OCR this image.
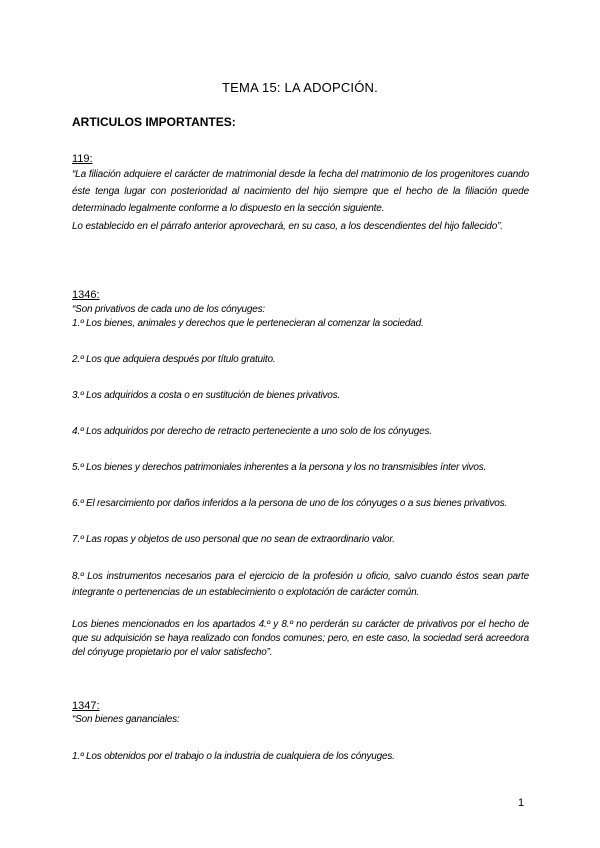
TEMA 15: LA ADOPCIÓN.
ARTICULOS IMPORTANTES:
119:

“La filiación adquiere el carácter de matrimonial desde la fecha del matrimonio de los progenitores cuando éste tenga lugar con posterioridad al nacimiento del hijo siempre que el hecho de la filiación quede determinado legalmente conforme a lo dispuesto en la sección siguiente.

Lo establecido en el párrafo anterior aprovechará, en su caso, a los descendientes del hijo fallecido”.

1346:

“Son privativos de cada uno de los cónyuges:

1.º Los bienes, animales y derechos que le pertenecieran al comenzar la sociedad.

2.º Los que adquiera después por título gratuito.
3.º Los adquiridos a costa o en sustitución de bienes privativos.
4.º Los adquiridos por derecho de retracto perteneciente a uno solo de los cónyuges.
5.º Los bienes y derechos patrimoniales inherentes a la persona y los no transmisibles ínter vivos.
6.º El resarcimiento por daños inferidos a la persona de uno de los cónyuges o a sus bienes privativos.
7.º Las ropas y objetos de uso personal que no sean de extraordinario valor.
8.º Los instrumentos necesarios para el ejercicio de la profesión u oficio, salvo cuando éstos sean parte integrante o pertenencias de un establecimiento o explotación de carácter común.
Los bienes mencionados en los apartados 4.º y 8.º no perderán su carácter de privativos por el hecho de que su adquisición se haya realizado con fondos comunes; pero, en este caso, la sociedad será acreedora del cónyuge propietario por el valor satisfecho”.
1347:
“Son bienes gananciales:
1.º Los obtenidos por el trabajo o la industria de cualquiera de los cónyuges.
1
